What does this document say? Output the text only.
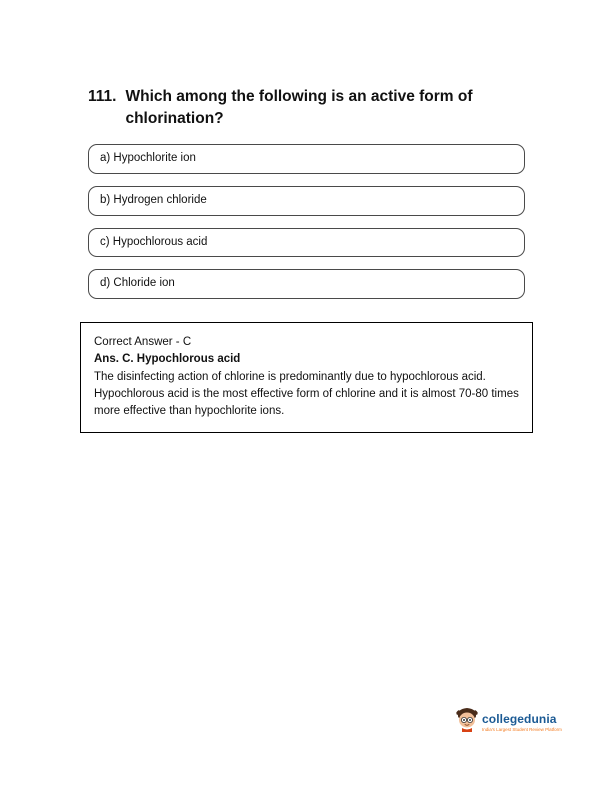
111. Which among the following is an active form of chlorination?
a) Hypochlorite ion
b) Hydrogen chloride
c) Hypochlorous acid
d) Chloride ion
Correct Answer - C
Ans. C. Hypochlorous acid
The disinfecting action of chlorine is predominantly due to hypochlorous acid.
Hypochlorous acid is the most effective form of chlorine and it is almost 70-80 times more effective than hypochlorite ions.
collegedunia
India's Largest Student Review Platform
